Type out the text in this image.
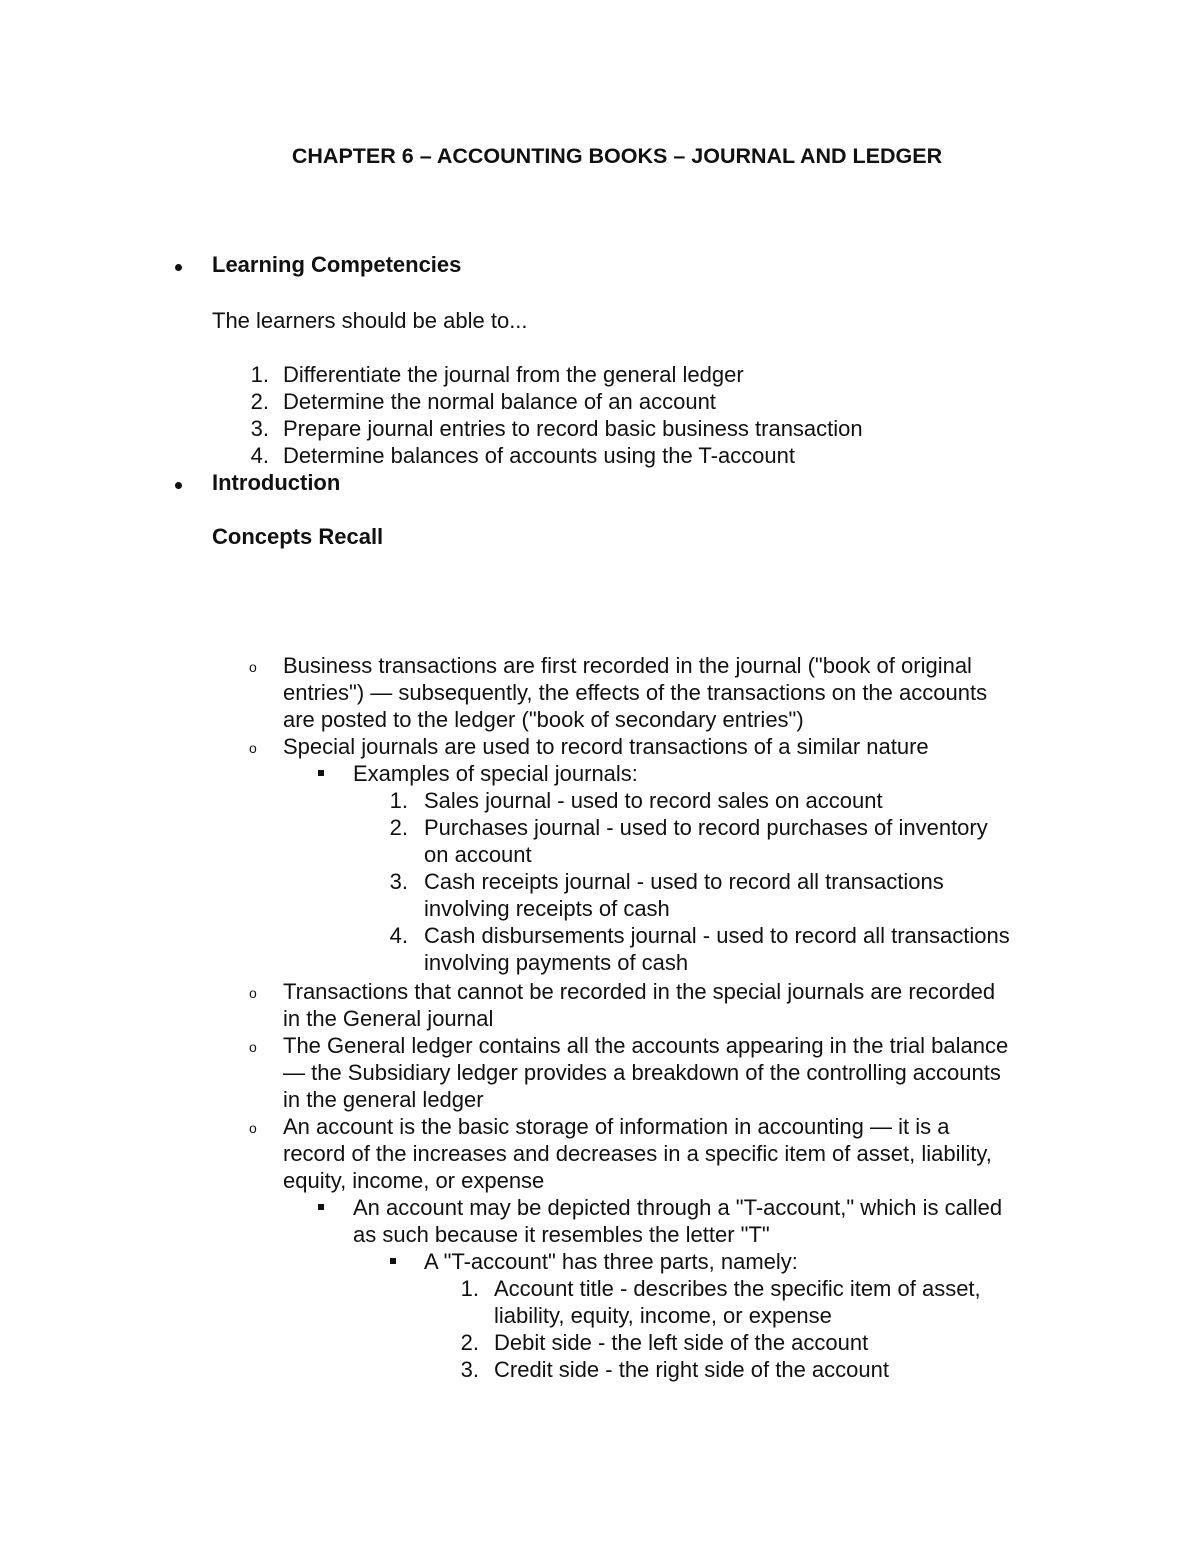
CHAPTER 6 – ACCOUNTING BOOKS – JOURNAL AND LEDGER
Learning Competencies
The learners should be able to...
1. Differentiate the journal from the general ledger
2. Determine the normal balance of an account
3. Prepare journal entries to record basic business transaction
4. Determine balances of accounts using the T-account
Introduction
Concepts Recall
o Business transactions are first recorded in the journal ("book of original
entries") — subsequently, the effects of the transactions on the accounts
are posted to the ledger ("book of secondary entries")
o Special journals are used to record transactions of a similar nature
Examples of special journals:
1. Sales journal - used to record sales on account
2. Purchases journal - used to record purchases of inventory
on account
3. Cash receipts journal - used to record all transactions
involving receipts of cash
4. Cash disbursements journal - used to record all transactions
involving payments of cash
o Transactions that cannot be recorded in the special journals are recorded
in the General journal
o The General ledger contains all the accounts appearing in the trial balance
— the Subsidiary ledger provides a breakdown of the controlling accounts
in the general ledger
o An account is the basic storage of information in accounting — it is a
record of the increases and decreases in a specific item of asset, liability,
equity, income, or expense
An account may be depicted through a "T-account," which is called
as such because it resembles the letter "T"
A "T-account" has three parts, namely:
1. Account title - describes the specific item of asset,
liability, equity, income, or expense
2. Debit side - the left side of the account
3. Credit side - the right side of the account
